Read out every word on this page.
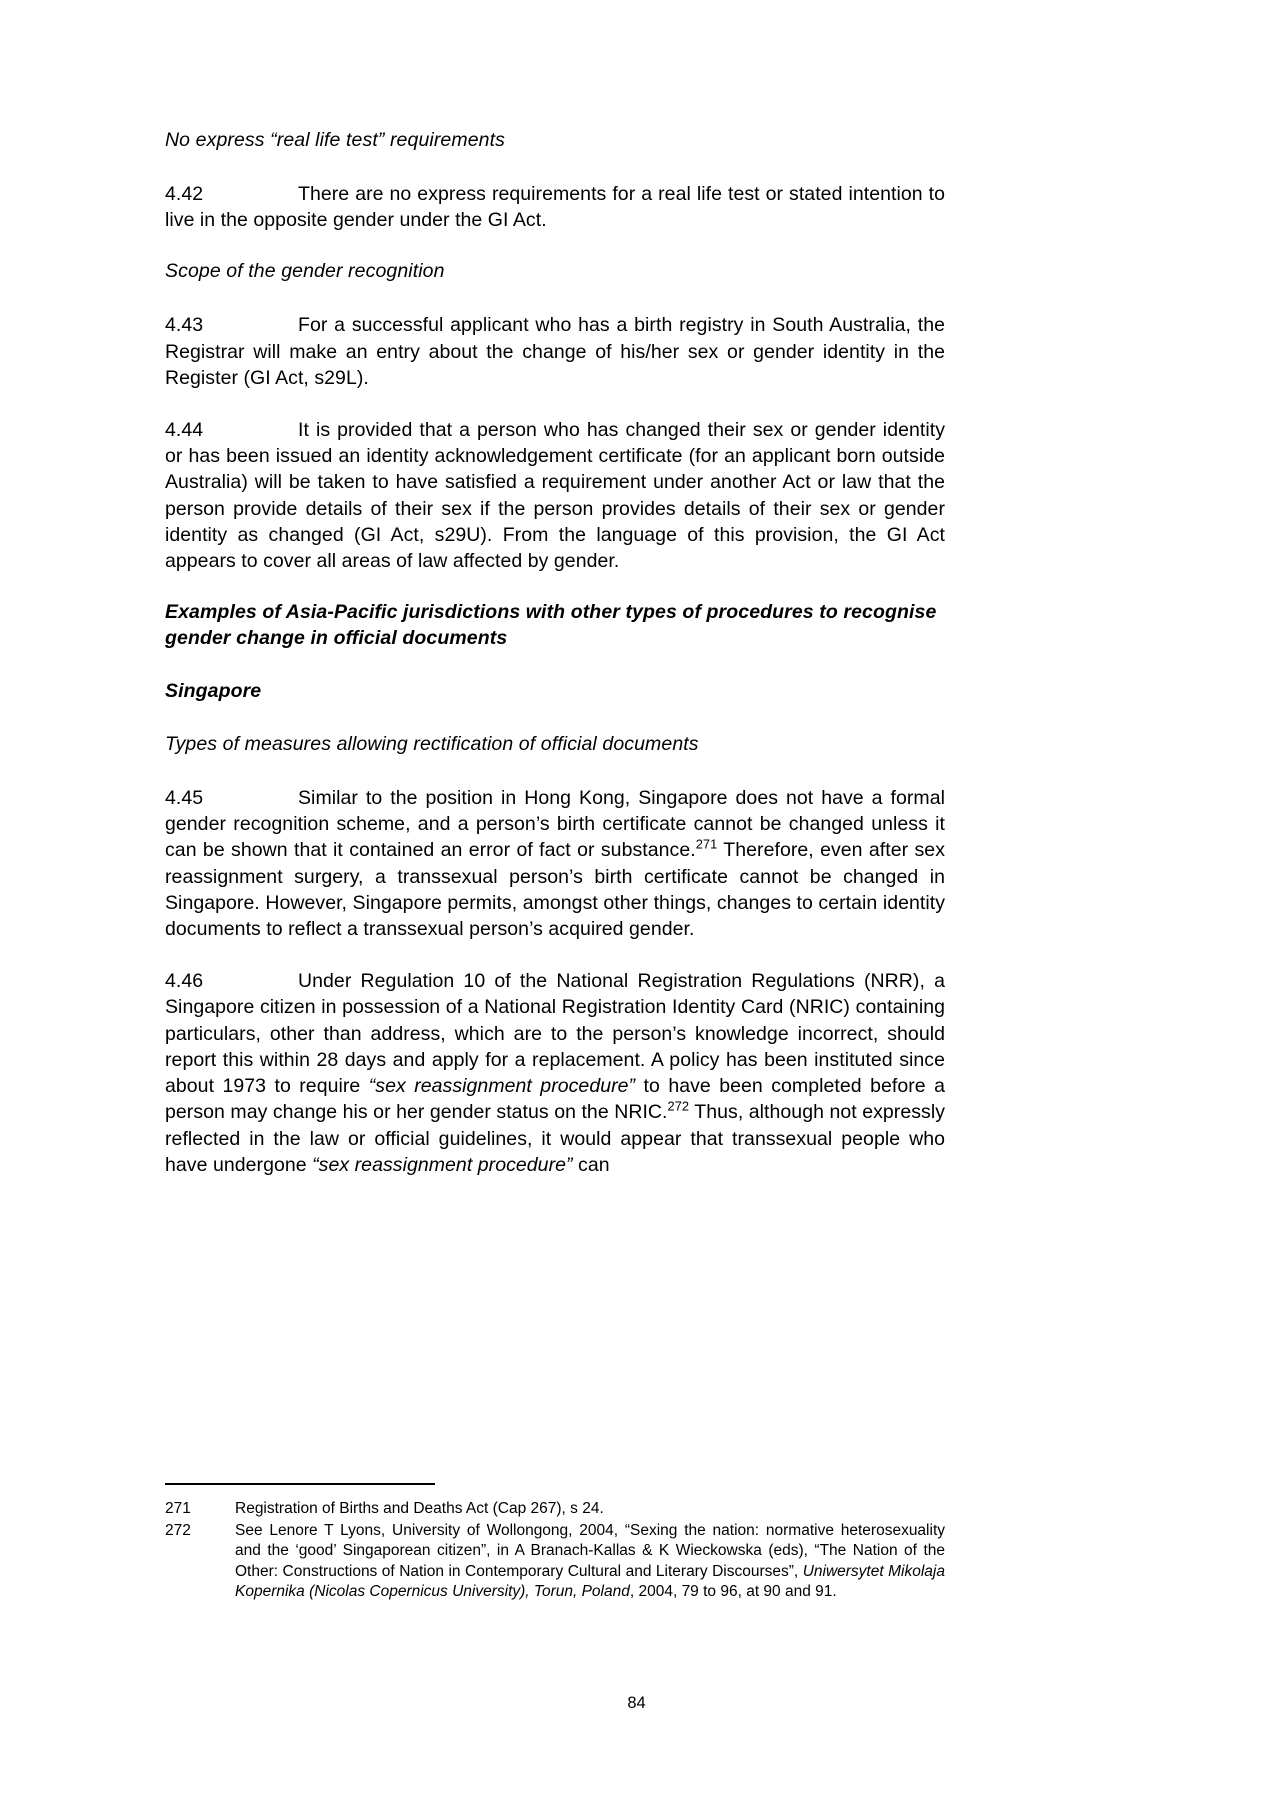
No express “real life test” requirements
4.42	There are no express requirements for a real life test or stated intention to live in the opposite gender under the GI Act.
Scope of the gender recognition
4.43	For a successful applicant who has a birth registry in South Australia, the Registrar will make an entry about the change of his/her sex or gender identity in the Register (GI Act, s29L).
4.44	It is provided that a person who has changed their sex or gender identity or has been issued an identity acknowledgement certificate (for an applicant born outside Australia) will be taken to have satisfied a requirement under another Act or law that the person provide details of their sex if the person provides details of their sex or gender identity as changed (GI Act, s29U). From the language of this provision, the GI Act appears to cover all areas of law affected by gender.
Examples of Asia-Pacific jurisdictions with other types of procedures to recognise gender change in official documents
Singapore
Types of measures allowing rectification of official documents
4.45	Similar to the position in Hong Kong, Singapore does not have a formal gender recognition scheme, and a person’s birth certificate cannot be changed unless it can be shown that it contained an error of fact or substance.$^{271}$ Therefore, even after sex reassignment surgery, a transsexual person’s birth certificate cannot be changed in Singapore. However, Singapore permits, amongst other things, changes to certain identity documents to reflect a transsexual person’s acquired gender.
4.46	Under Regulation 10 of the National Registration Regulations (NRR), a Singapore citizen in possession of a National Registration Identity Card (NRIC) containing particulars, other than address, which are to the person’s knowledge incorrect, should report this within 28 days and apply for a replacement. A policy has been instituted since about 1973 to require “sex reassignment procedure” to have been completed before a person may change his or her gender status on the NRIC.$^{272}$ Thus, although not expressly reflected in the law or official guidelines, it would appear that transsexual people who have undergone “sex reassignment procedure” can
271	Registration of Births and Deaths Act (Cap 267), s 24.
272	See Lenore T Lyons, University of Wollongong, 2004, “Sexing the nation: normative heterosexuality and the ‘good’ Singaporean citizen”, in A Branach-Kallas & K Wieckowska (eds), “The Nation of the Other: Constructions of Nation in Contemporary Cultural and Literary Discourses”, Uniwersytet Mikolaja Kopernika (Nicolas Copernicus University), Torun, Poland, 2004, 79 to 96, at 90 and 91.
84
